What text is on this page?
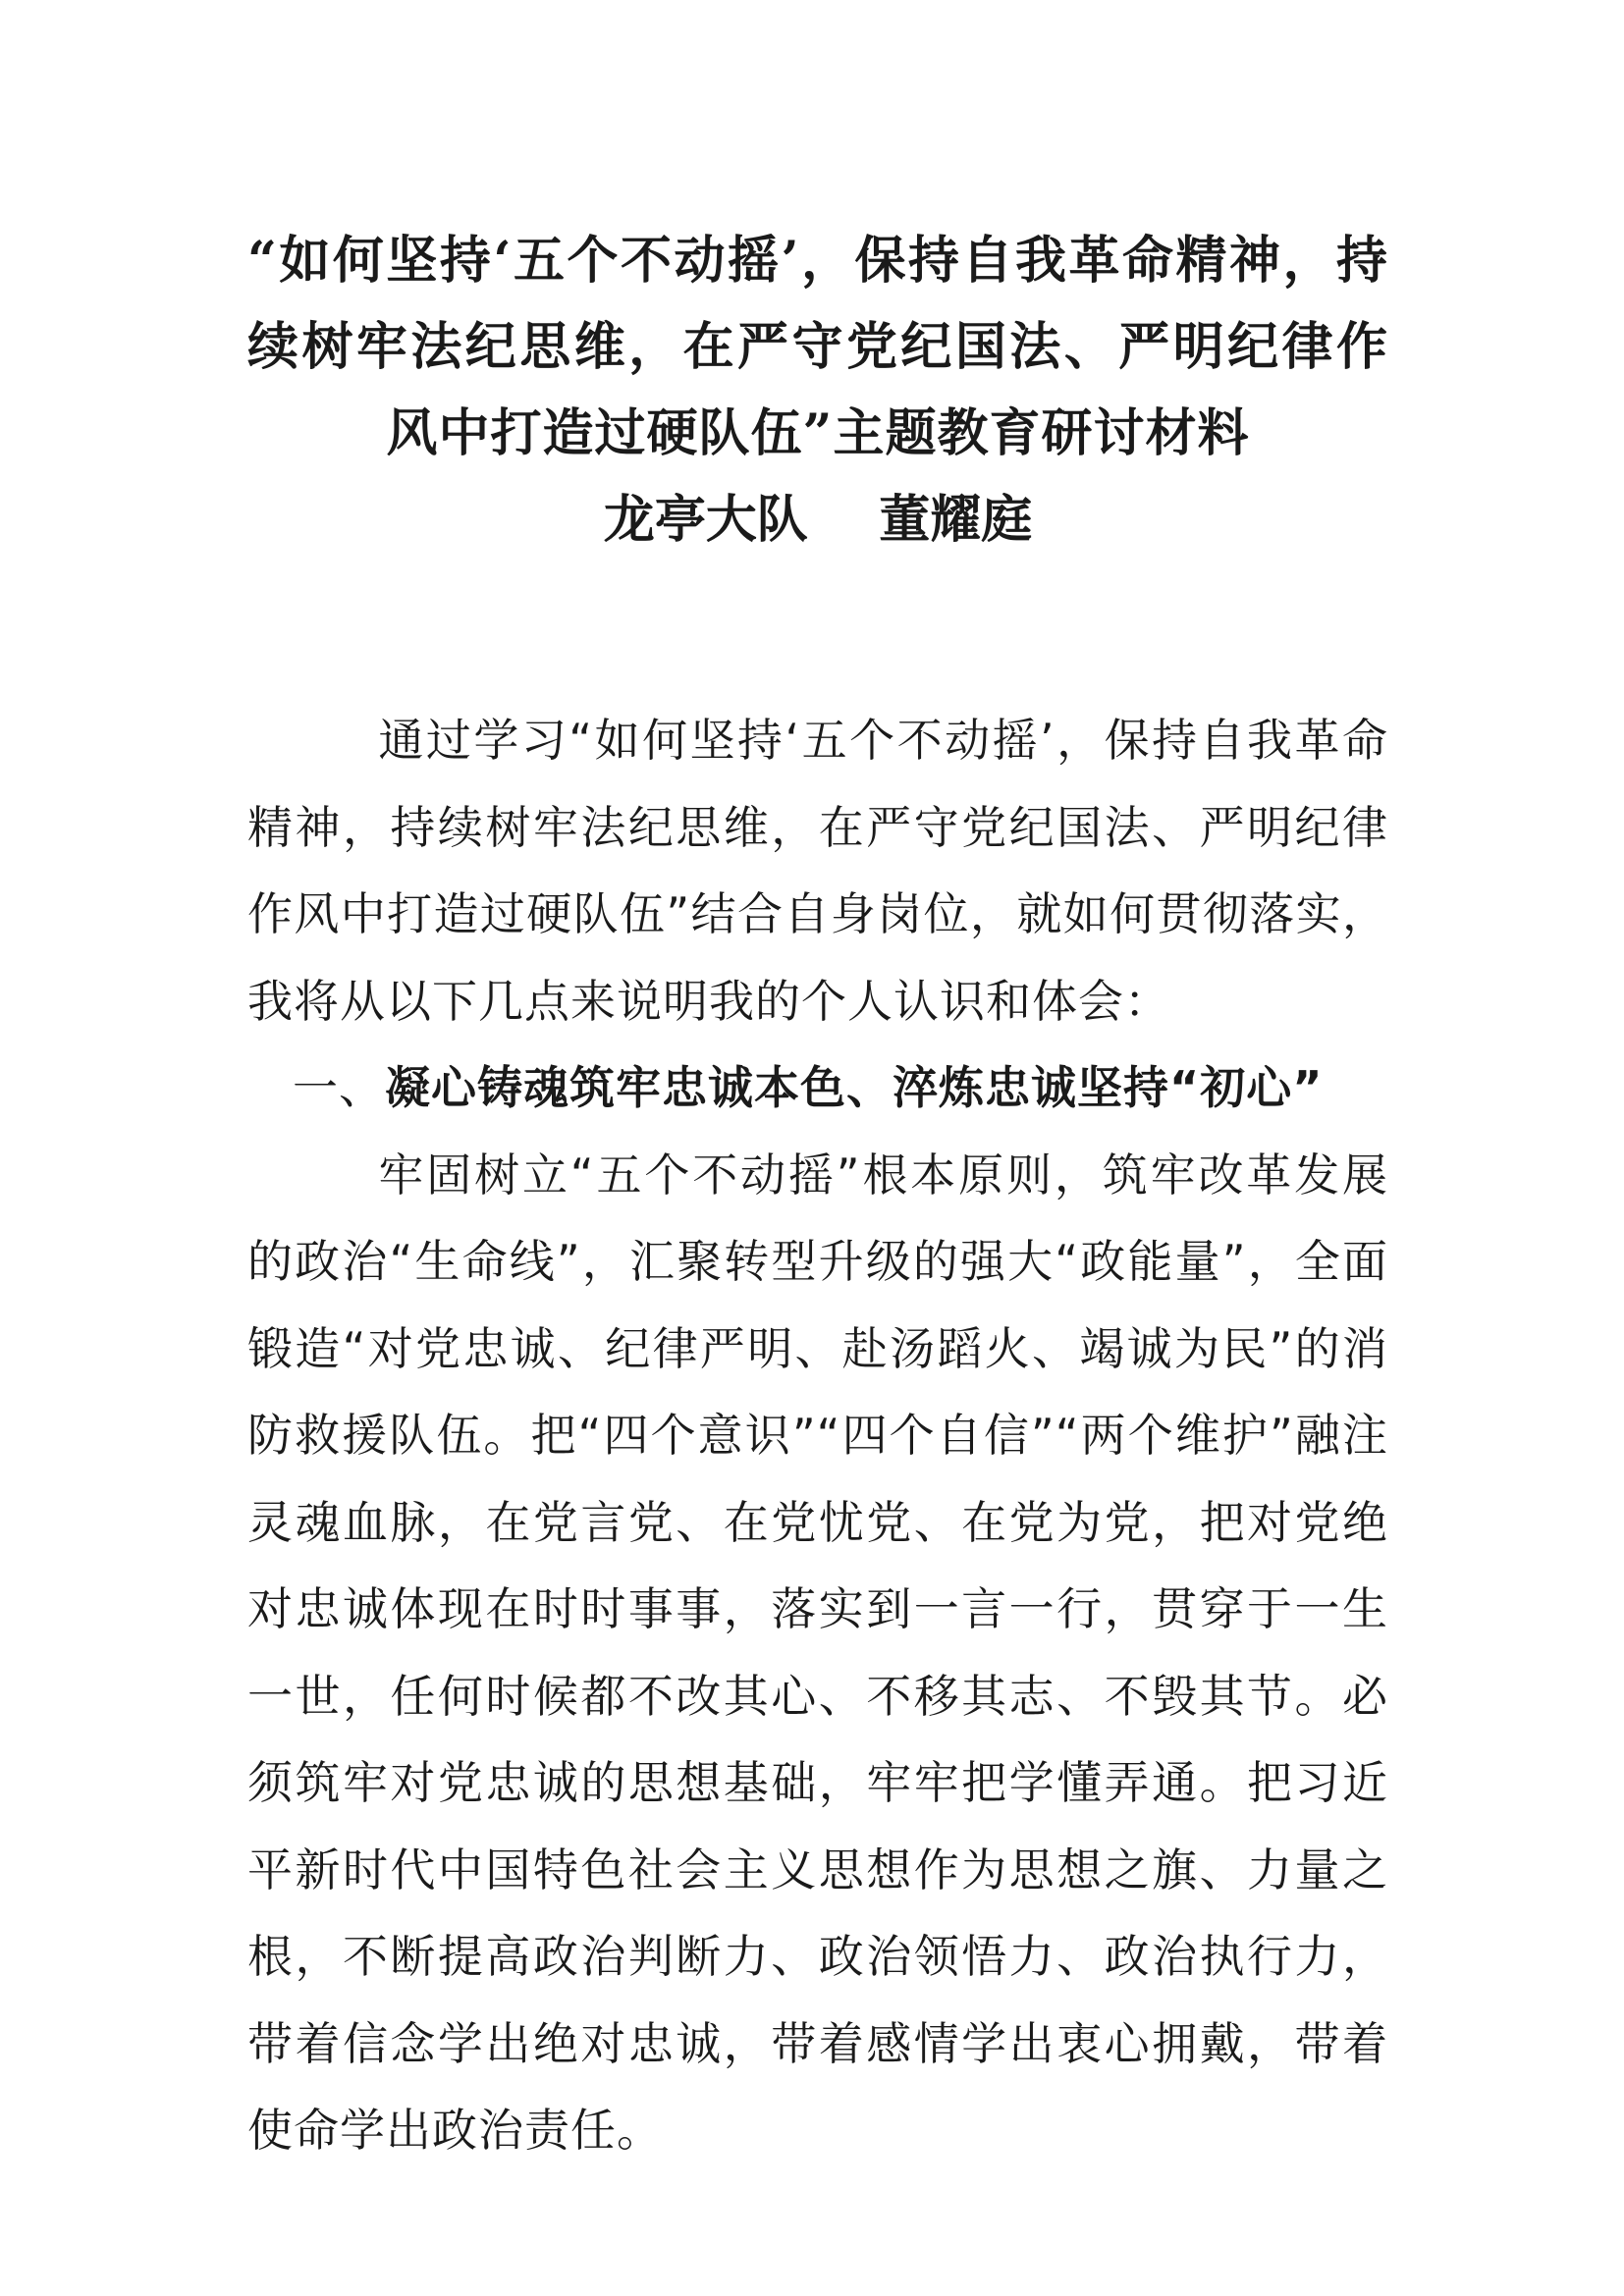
“如何坚持‘五个不动摇’，保持自我革命精神，持续树牢法纪思维，在严守党纪国法、严明纪律作风中打造过硬队伍”主题教育研讨材料

龙亭大队    董耀庭

通过学习“如何坚持‘五个不动摇’，保持自我革命精神，持续树牢法纪思维，在严守党纪国法、严明纪律作风中打造过硬队伍”结合自身岗位，就如何贯彻落实，我将从以下几点来说明我的个人认识和体会：

一、凝心铸魂筑牢忠诚本色、淬炼忠诚坚持“初心”

牢固树立“五个不动摇”根本原则，筑牢改革发展的政治“生命线”，汇聚转型升级的强大“政能量”，全面锻造“对党忠诚、纪律严明、赴汤蹈火、竭诚为民”的消防救援队伍。把“四个意识”“四个自信”“两个维护”融注灵魂血脉，在党言党、在党忧党、在党为党，把对党绝对忠诚体现在时时事事，落实到一言一行，贯穿于一生一世，任何时候都不改其心、不移其志、不毁其节。必须筑牢对党忠诚的思想基础，牢牢把学懂弄通。把习近平新时代中国特色社会主义思想作为思想之旗、力量之根，不断提高政治判断力、政治领悟力、政治执行力，带着信念学出绝对忠诚，带着感情学出衷心拥戴，带着使命学出政治责任。
